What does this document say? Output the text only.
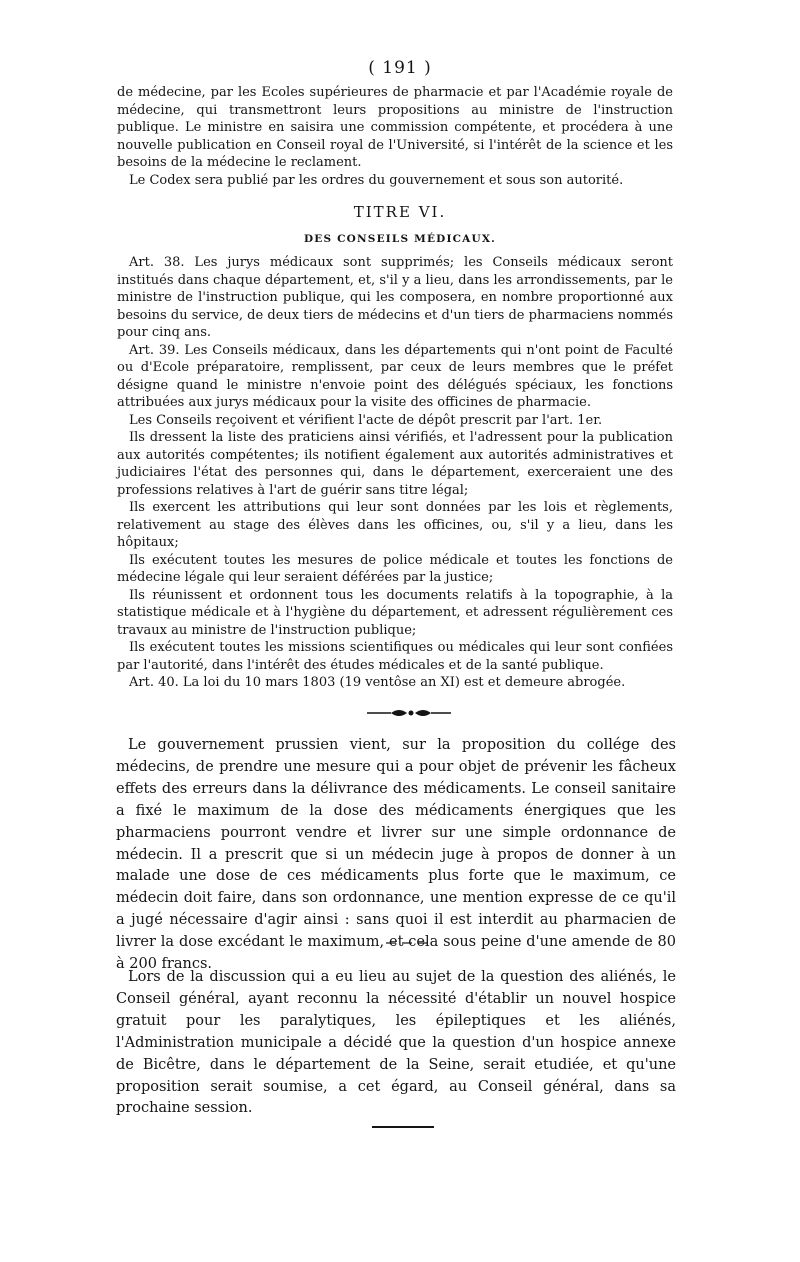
( 191 )

de médecine, par les Ecoles supérieures de pharmacie et par l'Académie royale de médecine, qui transmettront leurs propositions au ministre de l'instruction publique. Le ministre en saisira une commission compétente, et procédera à une nouvelle publication en Conseil royal de l'Université, si l'intérêt de la science et les besoins de la médecine le reclament.

Le Codex sera publié par les ordres du gouvernement et sous son autorité.

TITRE VI.
DES CONSEILS MÉDICAUX.

Art. 38. Les jurys médicaux sont supprimés; les Conseils médicaux seront institués dans chaque département, et, s'il y a lieu, dans les arrondissements, par le ministre de l'instruction publique, qui les composera, en nombre proportionné aux besoins du service, de deux tiers de médecins et d'un tiers de pharmaciens nommés pour cinq ans.

Art. 39. Les Conseils médicaux, dans les départements qui n'ont point de Faculté ou d'Ecole préparatoire, remplissent, par ceux de leurs membres que le préfet désigne quand le ministre n'envoie point des délégués spéciaux, les fonctions attribuées aux jurys médicaux pour la visite des officines de pharmacie.

Les Conseils reçoivent et vérifient l'acte de dépôt prescrit par l'art. 1er.

Ils dressent la liste des praticiens ainsi vérifiés, et l'adressent pour la publication aux autorités compétentes; ils notifient également aux autorités administratives et judiciaires l'état des personnes qui, dans le département, exerceraient une des professions relatives à l'art de guérir sans titre légal;

Ils exercent les attributions qui leur sont données par les lois et règlements, relativement au stage des élèves dans les officines, ou, s'il y a lieu, dans les hôpitaux;

Ils exécutent toutes les mesures de police médicale et toutes les fonctions de médecine légale qui leur seraient déférées par la justice;

Ils réunissent et ordonnent tous les documents relatifs à la topographie, à la statistique médicale et à l'hygiène du département, et adressent régulièrement ces travaux au ministre de l'instruction publique;

Ils exécutent toutes les missions scientifiques ou médicales qui leur sont confiées par l'autorité, dans l'intérêt des études médicales et de la santé publique.

Art. 40. La loi du 10 mars 1803 (19 ventôse an XI) est et demeure abrogée.

Le gouvernement prussien vient, sur la proposition du collége des médecins, de prendre une mesure qui a pour objet de prévenir les fâcheux effets des erreurs dans la délivrance des médicaments. Le conseil sanitaire a fixé le maximum de la dose des médicaments énergiques que les pharmaciens pourront vendre et livrer sur une simple ordonnance de médecin. Il a prescrit que si un médecin juge à propos de donner à un malade une dose de ces médicaments plus forte que le maximum, ce médecin doit faire, dans son ordonnance, une mention expresse de ce qu'il a jugé nécessaire d'agir ainsi : sans quoi il est interdit au pharmacien de livrer la dose excédant le maximum, et cela sous peine d'une amende de 80 à 200 francs.

Lors de la discussion qui a eu lieu au sujet de la question des aliénés, le Conseil général, ayant reconnu la nécessité d'établir un nouvel hospice gratuit pour les paralytiques, les épileptiques et les aliénés, l'Administration municipale a décidé que la question d'un hospice annexe de Bicêtre, dans le département de la Seine, serait etudiée, et qu'une proposition serait soumise, a cet égard, au Conseil général, dans sa prochaine session.
